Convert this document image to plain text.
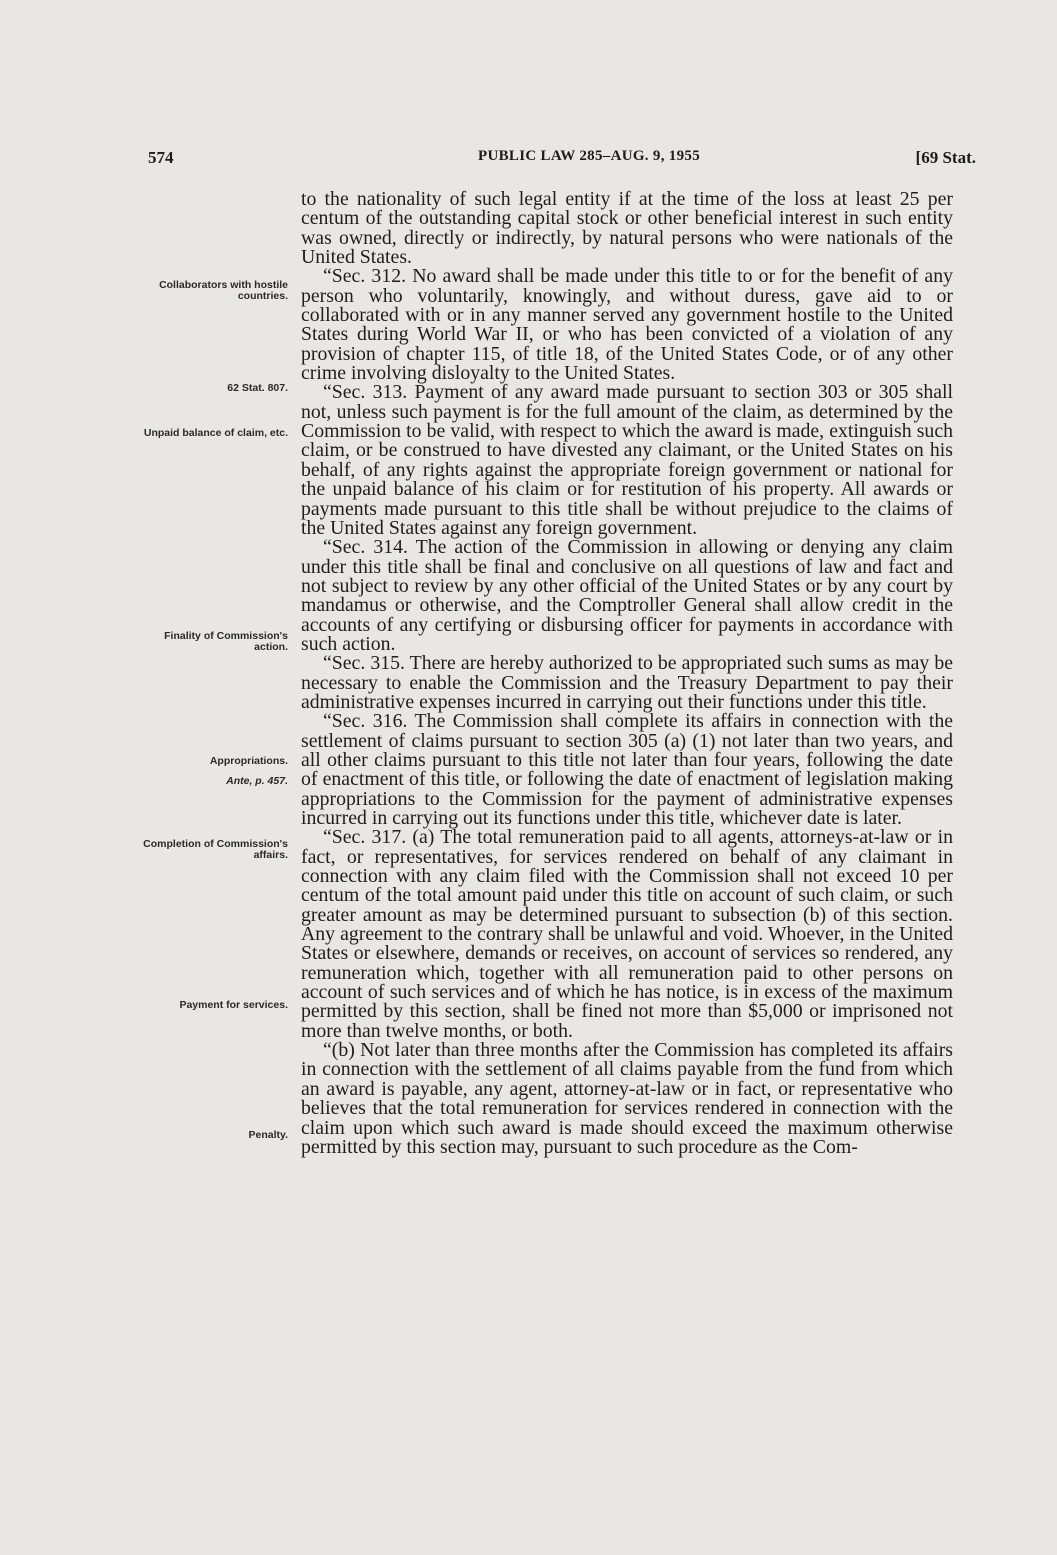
574	PUBLIC LAW 285–AUG. 9, 1955	[69 Stat.
Collaborators with hostile countries.
62 Stat. 807.
Unpaid balance of claim, etc.
Finality of Commission's action.
Appropriations.
Ante, p. 457.
Completion of Commission's affairs.
Payment for services.
Penalty.

to the nationality of such legal entity if at the time of the loss at least 25 per centum of the outstanding capital stock or other beneficial interest in such entity was owned, directly or indirectly, by natural persons who were nationals of the United States.

“Sec. 312. No award shall be made under this title to or for the benefit of any person who voluntarily, knowingly, and without duress, gave aid to or collaborated with or in any manner served any government hostile to the United States during World War II, or who has been convicted of a violation of any provision of chapter 115, of title 18, of the United States Code, or of any other crime involving disloyalty to the United States.

“Sec. 313. Payment of any award made pursuant to section 303 or 305 shall not, unless such payment is for the full amount of the claim, as determined by the Commission to be valid, with respect to which the award is made, extinguish such claim, or be construed to have divested any claimant, or the United States on his behalf, of any rights against the appropriate foreign government or national for the unpaid balance of his claim or for restitution of his property. All awards or payments made pursuant to this title shall be without prejudice to the claims of the United States against any foreign government.

“Sec. 314. The action of the Commission in allowing or denying any claim under this title shall be final and conclusive on all questions of law and fact and not subject to review by any other official of the United States or by any court by mandamus or otherwise, and the Comptroller General shall allow credit in the accounts of any certifying or disbursing officer for payments in accordance with such action.

“Sec. 315. There are hereby authorized to be appropriated such sums as may be necessary to enable the Commission and the Treasury Department to pay their administrative expenses incurred in carrying out their functions under this title.

“Sec. 316. The Commission shall complete its affairs in connection with the settlement of claims pursuant to section 305 (a) (1) not later than two years, and all other claims pursuant to this title not later than four years, following the date of enactment of this title, or following the date of enactment of legislation making appropriations to the Commission for the payment of administrative expenses incurred in carrying out its functions under this title, whichever date is later.

“Sec. 317. (a) The total remuneration paid to all agents, attorneys-at-law or in fact, or representatives, for services rendered on behalf of any claimant in connection with any claim filed with the Commission shall not exceed 10 per centum of the total amount paid under this title on account of such claim, or such greater amount as may be determined pursuant to subsection (b) of this section. Any agreement to the contrary shall be unlawful and void. Whoever, in the United States or elsewhere, demands or receives, on account of services so rendered, any remuneration which, together with all remuneration paid to other persons on account of such services and of which he has notice, is in excess of the maximum permitted by this section, shall be fined not more than $5,000 or imprisoned not more than twelve months, or both.

“(b) Not later than three months after the Commission has completed its affairs in connection with the settlement of all claims payable from the fund from which an award is payable, any agent, attorney-at-law or in fact, or representative who believes that the total remuneration for services rendered in connection with the claim upon which such award is made should exceed the maximum otherwise permitted by this section may, pursuant to such procedure as the Com-
